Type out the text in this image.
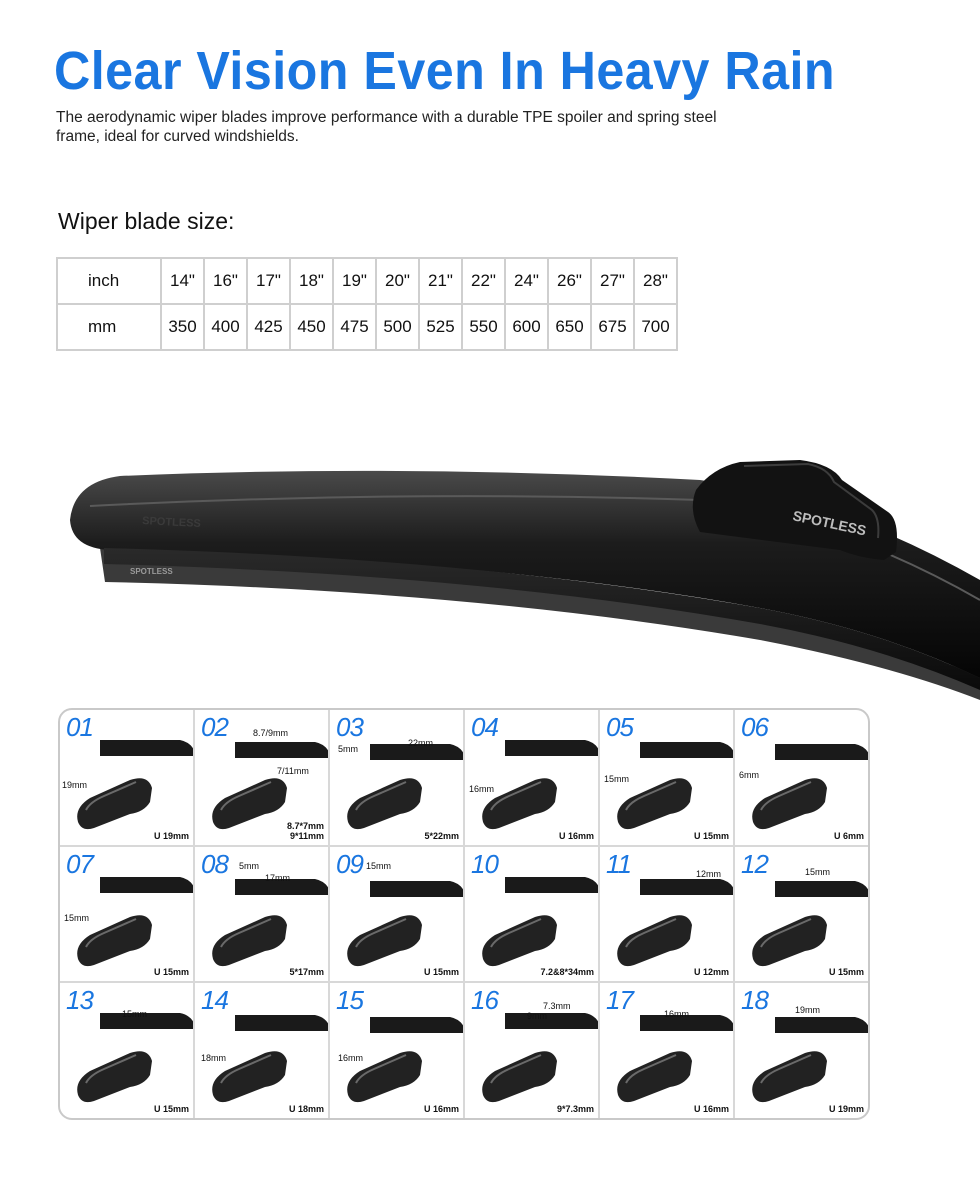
Clear Vision Even In Heavy Rain
The aerodynamic wiper blades improve performance with a durable TPE spoiler and spring steel frame, ideal for curved windshields.
Wiper blade size:
inch	14"	16"	17"	18"	19"	20"	21"	22"	24"	26"	27"	28"
mm	350	400	425	450	475	500	525	550	600	650	675	700
SPOTLESS
SPOTLESS
SPOTLESS
01
19mm
U 19mm
02	8.7/9mm
7/11mm
8.7*7mm
9*11mm
03
22mm
5mm
5*22mm
04
16mm
U 16mm
05
15mm
U 15mm
06
6mm
U 6mm
07
15mm
U 15mm
08 5mm
17mm
5*17mm
09 15mm
U 15mm
10
7.2&8*34mm
11	12mm
U 12mm
12	15mm
U 15mm
13	15mm
U 15mm
14
18mm
U 18mm
15
16mm
U 16mm
16	7.3mm
9mm
9*7.3mm
17	16mm
U 16mm
18	19mm
U 19mm
